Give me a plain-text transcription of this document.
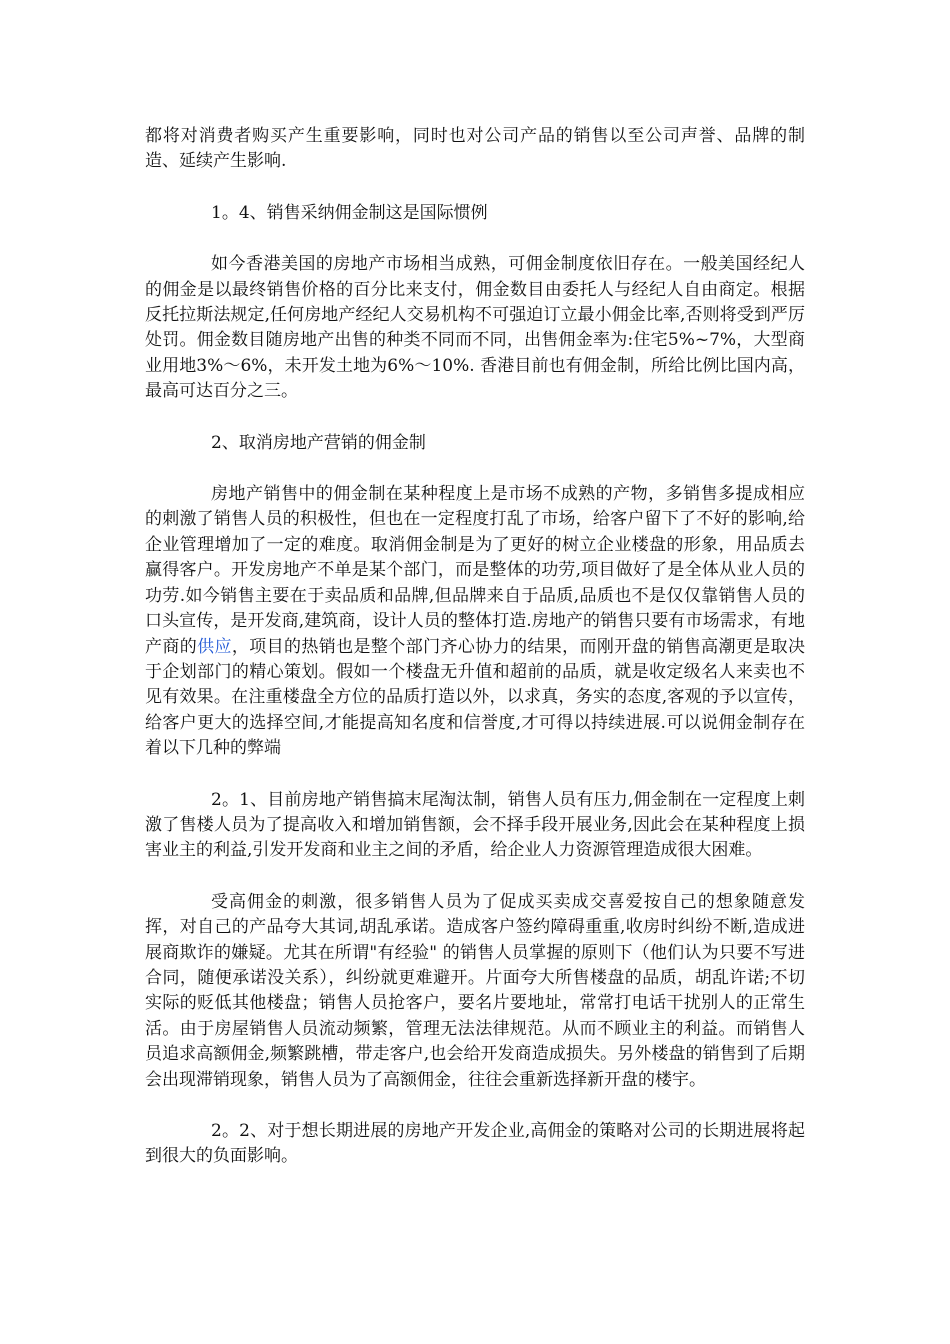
都将对消费者购买产生重要影响，同时也对公司产品的销售以至公司声誉、品牌的制造、延续产生影响.

1。4、销售采纳佣金制这是国际惯例

如今香港美国的房地产市场相当成熟，可佣金制度依旧存在。一般美国经纪人的佣金是以最终销售价格的百分比来支付，佣金数目由委托人与经纪人自由商定。根据反托拉斯法规定,任何房地产经纪人交易机构不可强迫订立最小佣金比率,否则将受到严厉处罚。佣金数目随房地产出售的种类不同而不同，出售佣金率为:住宅5%~7%，大型商业用地3%～6%，未开发土地为6%～10%. 香港目前也有佣金制，所给比例比国内高，最高可达百分之三。

2、取消房地产营销的佣金制

房地产销售中的佣金制在某种程度上是市场不成熟的产物，多销售多提成相应的刺激了销售人员的积极性，但也在一定程度打乱了市场，给客户留下了不好的影响,给企业管理增加了一定的难度。取消佣金制是为了更好的树立企业楼盘的形象，用品质去赢得客户。开发房地产不单是某个部门，而是整体的功劳,项目做好了是全体从业人员的功劳.如今销售主要在于卖品质和品牌,但品牌来自于品质,品质也不是仅仅靠销售人员的口头宣传，是开发商,建筑商，设计人员的整体打造.房地产的销售只要有市场需求，有地产商的供应，项目的热销也是整个部门齐心协力的结果，而刚开盘的销售高潮更是取决于企划部门的精心策划。假如一个楼盘无升值和超前的品质，就是收定级名人来卖也不见有效果。在注重楼盘全方位的品质打造以外，以求真，务实的态度,客观的予以宣传，给客户更大的选择空间,才能提高知名度和信誉度,才可得以持续进展.可以说佣金制存在着以下几种的弊端

2。1、目前房地产销售搞末尾淘汰制，销售人员有压力,佣金制在一定程度上刺激了售楼人员为了提高收入和增加销售额，会不择手段开展业务,因此会在某种程度上损害业主的利益,引发开发商和业主之间的矛盾，给企业人力资源管理造成很大困难。

受高佣金的刺激，很多销售人员为了促成买卖成交喜爱按自己的想象随意发挥，对自己的产品夸大其词,胡乱承诺。造成客户签约障碍重重,收房时纠纷不断,造成进展商欺诈的嫌疑。尤其在所谓"有经验" 的销售人员掌握的原则下（他们认为只要不写进合同，随便承诺没关系），纠纷就更难避开。片面夸大所售楼盘的品质，胡乱许诺;不切实际的贬低其他楼盘；销售人员抢客户，要名片要地址，常常打电话干扰别人的正常生活。由于房屋销售人员流动频繁，管理无法法律规范。从而不顾业主的利益。而销售人员追求高额佣金,频繁跳槽，带走客户,也会给开发商造成损失。另外楼盘的销售到了后期会出现滞销现象，销售人员为了高额佣金，往往会重新选择新开盘的楼宇。

2。2、对于想长期进展的房地产开发企业,高佣金的策略对公司的长期进展将起到很大的负面影响。
